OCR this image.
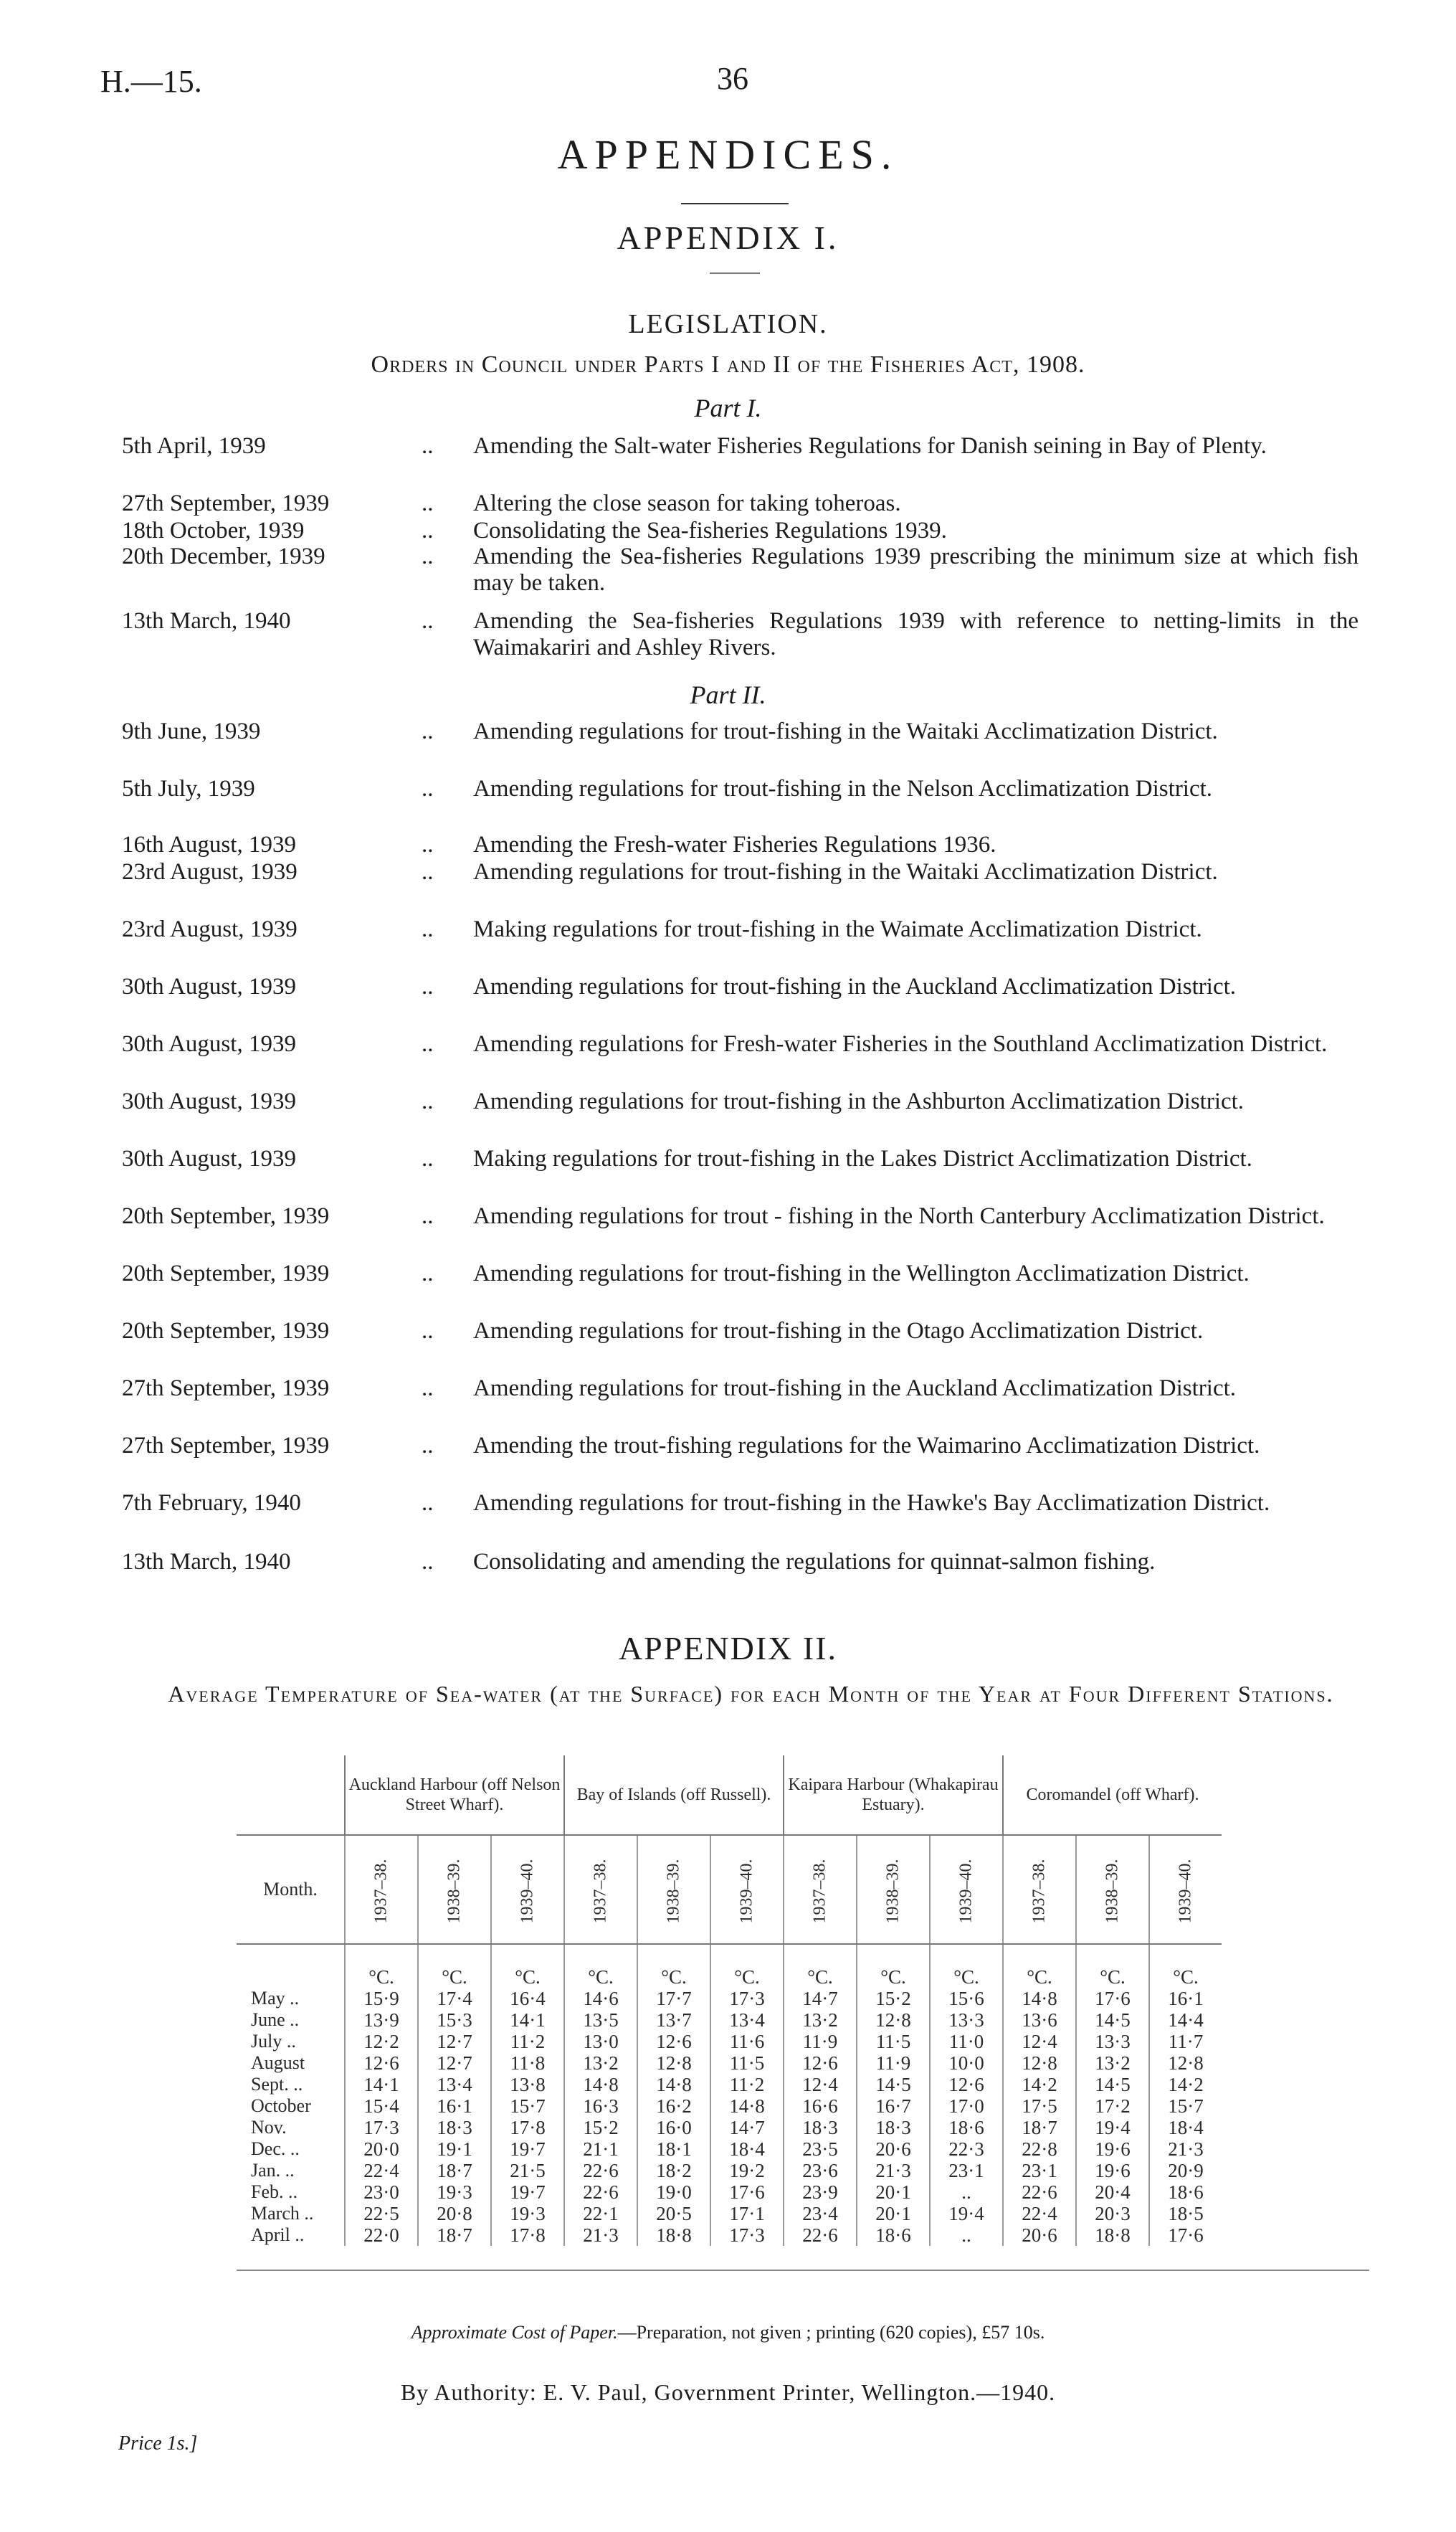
H.—15.	36
APPENDICES.
APPENDIX I.
LEGISLATION.
Orders in Council under Parts I and II of the Fisheries Act, 1908.
Part I.
5th April, 1939	.. Amending the Salt-water Fisheries Regulations for Danish seining in Bay of Plenty.
27th September, 1939	.. Altering the close season for taking toheroas.
18th October, 1939	.. Consolidating the Sea-fisheries Regulations 1939.
20th December, 1939	.. Amending the Sea-fisheries Regulations 1939 prescribing the minimum size at which fish may be taken.
13th March, 1940	.. Amending the Sea-fisheries Regulations 1939 with reference to netting-limits in the Waimakariri and Ashley Rivers.
Part II.
9th June, 1939	.. Amending regulations for trout-fishing in the Waitaki Acclimatization District.
5th July, 1939	.. Amending regulations for trout-fishing in the Nelson Acclimatization District.
16th August, 1939	.. Amending the Fresh-water Fisheries Regulations 1936.
23rd August, 1939	.. Amending regulations for trout-fishing in the Waitaki Acclimatization District.
23rd August, 1939	.. Making regulations for trout-fishing in the Waimate Acclimatization District.
30th August, 1939	.. Amending regulations for trout-fishing in the Auckland Acclimatization District.
30th August, 1939	.. Amending regulations for Fresh-water Fisheries in the Southland Acclimatization District.
30th August, 1939	.. Amending regulations for trout-fishing in the Ashburton Acclimatization District.
30th August, 1939	.. Making regulations for trout-fishing in the Lakes District Acclimatization District.
20th September, 1939	.. Amending regulations for trout - fishing in the North Canterbury Acclimatization District.
20th September, 1939	.. Amending regulations for trout-fishing in the Wellington Acclimatization District.
20th September, 1939	.. Amending regulations for trout-fishing in the Otago Acclimatization District.
27th September, 1939	.. Amending regulations for trout-fishing in the Auckland Acclimatization District.
27th September, 1939	.. Amending the trout-fishing regulations for the Waimarino Acclimatization District.
7th February, 1940	.. Amending regulations for trout-fishing in the Hawke's Bay Acclimatization District.
13th March, 1940	.. Consolidating and amending the regulations for quinnat-salmon fishing.
APPENDIX II.
Average Temperature of Sea-water (at the Surface) for each Month of the Year at Four Different Stations.
	Auckland Harbour (off Nelson Street Wharf).			Bay of Islands (off Russell).			Kaipara Harbour (Whakapirau Estuary).			Coromandel (off Wharf).		
Month.	1937–38.	1938–39.	1939–40.	1937–38.	1938–39.	1939–40.	1937–38.	1938–39.	1939–40.	1937–38.	1938–39.	1939–40.
	°C.	°C.	°C.	°C.	°C.	°C.	°C.	°C.	°C.	°C.	°C.	°C.
May ..	15·9	17·4	16·4	14·6	17·7	17·3	14·7	15·2	15·6	14·8	17·6	16·1
June ..	13·9	15·3	14·1	13·5	13·7	13·4	13·2	12·8	13·3	13·6	14·5	14·4
July ..	12·2	12·7	11·2	13·0	12·6	11·6	11·9	11·5	11·0	12·4	13·3	11·7
August	12·6	12·7	11·8	13·2	12·8	11·5	12·6	11·9	10·0	12·8	13·2	12·8
Sept. ..	14·1	13·4	13·8	14·8	14·8	11·2	12·4	14·5	12·6	14·2	14·5	14·2
October	15·4	16·1	15·7	16·3	16·2	14·8	16·6	16·7	17·0	17·5	17·2	15·7
Nov.	17·3	18·3	17·8	15·2	16·0	14·7	18·3	18·3	18·6	18·7	19·4	18·4
Dec. ..	20·0	19·1	19·7	21·1	18·1	18·4	23·5	20·6	22·3	22·8	19·6	21·3
Jan. ..	22·4	18·7	21·5	22·6	18·2	19·2	23·6	21·3	23·1	23·1	19·6	20·9
Feb. ..	23·0	19·3	19·7	22·6	19·0	17·6	23·9	20·1	..	22·6	20·4	18·6
March ..	22·5	20·8	19·3	22·1	20·5	17·1	23·4	20·1	19·4	22·4	20·3	18·5
April ..	22·0	18·7	17·8	21·3	18·8	17·3	22·6	18·6	..	20·6	18·8	17·6
Approximate Cost of Paper.—Preparation, not given ; printing (620 copies), £57 10s.
By Authority: E. V. Paul, Government Printer, Wellington.—1940.
Price 1s.]
